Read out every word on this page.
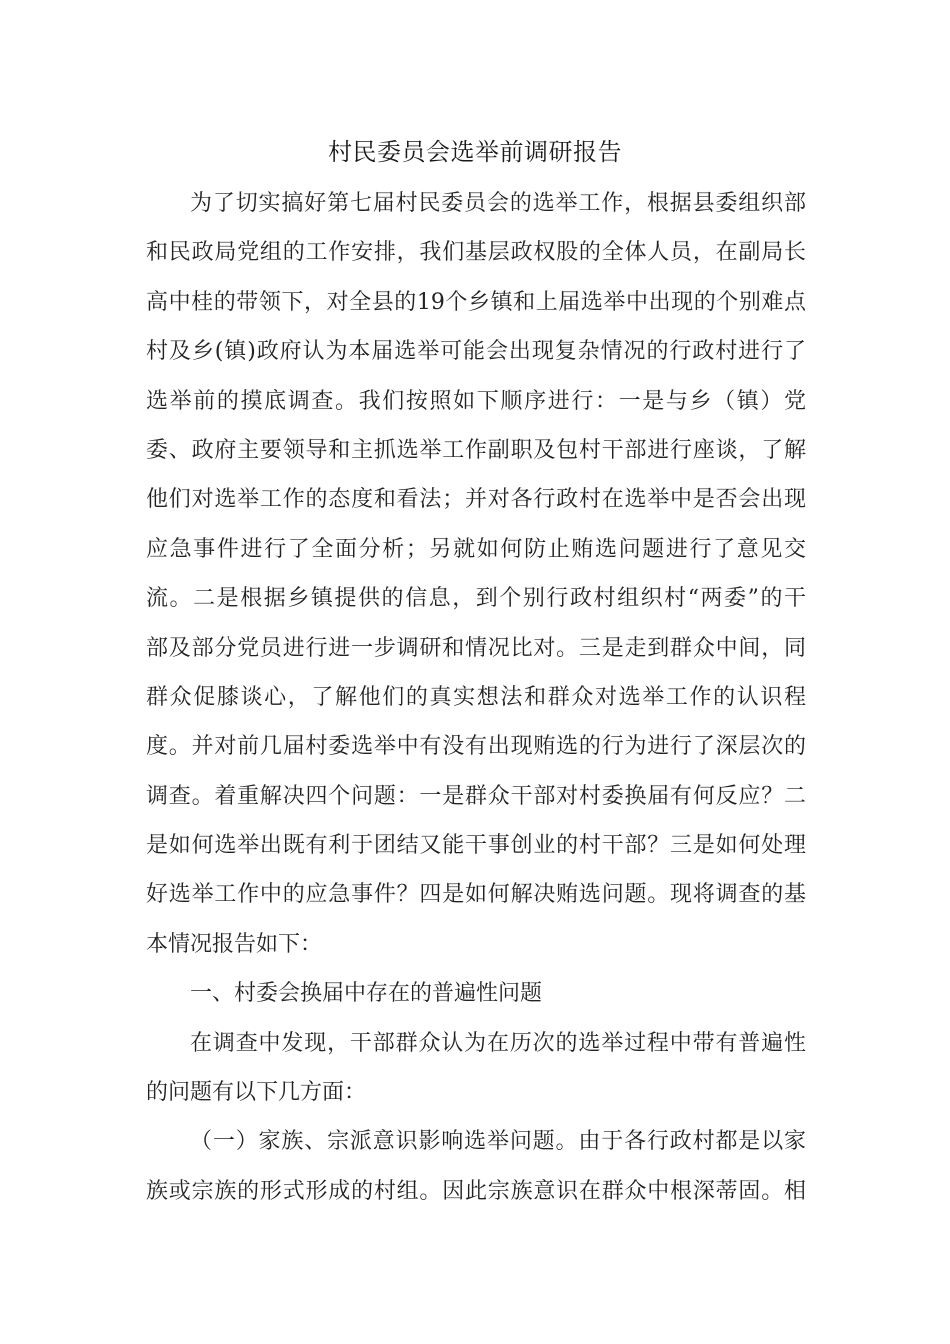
村民委员会选举前调研报告
为了切实搞好第七届村民委员会的选举工作，根据县委组织部
和民政局党组的工作安排，我们基层政权股的全体人员，在副局长
高中桂的带领下，对全县的19个乡镇和上届选举中出现的个别难点
村及乡(镇)政府认为本届选举可能会出现复杂情况的行政村进行了
选举前的摸底调查。我们按照如下顺序进行：一是与乡（镇）党
委、政府主要领导和主抓选举工作副职及包村干部进行座谈，了解
他们对选举工作的态度和看法；并对各行政村在选举中是否会出现
应急事件进行了全面分析；另就如何防止贿选问题进行了意见交
流。二是根据乡镇提供的信息，到个别行政村组织村“两委”的干
部及部分党员进行进一步调研和情况比对。三是走到群众中间，同
群众促膝谈心，了解他们的真实想法和群众对选举工作的认识程
度。并对前几届村委选举中有没有出现贿选的行为进行了深层次的
调查。着重解决四个问题：一是群众干部对村委换届有何反应？二
是如何选举出既有利于团结又能干事创业的村干部？三是如何处理
好选举工作中的应急事件？四是如何解决贿选问题。现将调查的基
本情况报告如下：
一、村委会换届中存在的普遍性问题
在调查中发现，干部群众认为在历次的选举过程中带有普遍性
的问题有以下几方面：
（一）家族、宗派意识影响选举问题。由于各行政村都是以家
族或宗族的形式形成的村组。因此宗族意识在群众中根深蒂固。相
